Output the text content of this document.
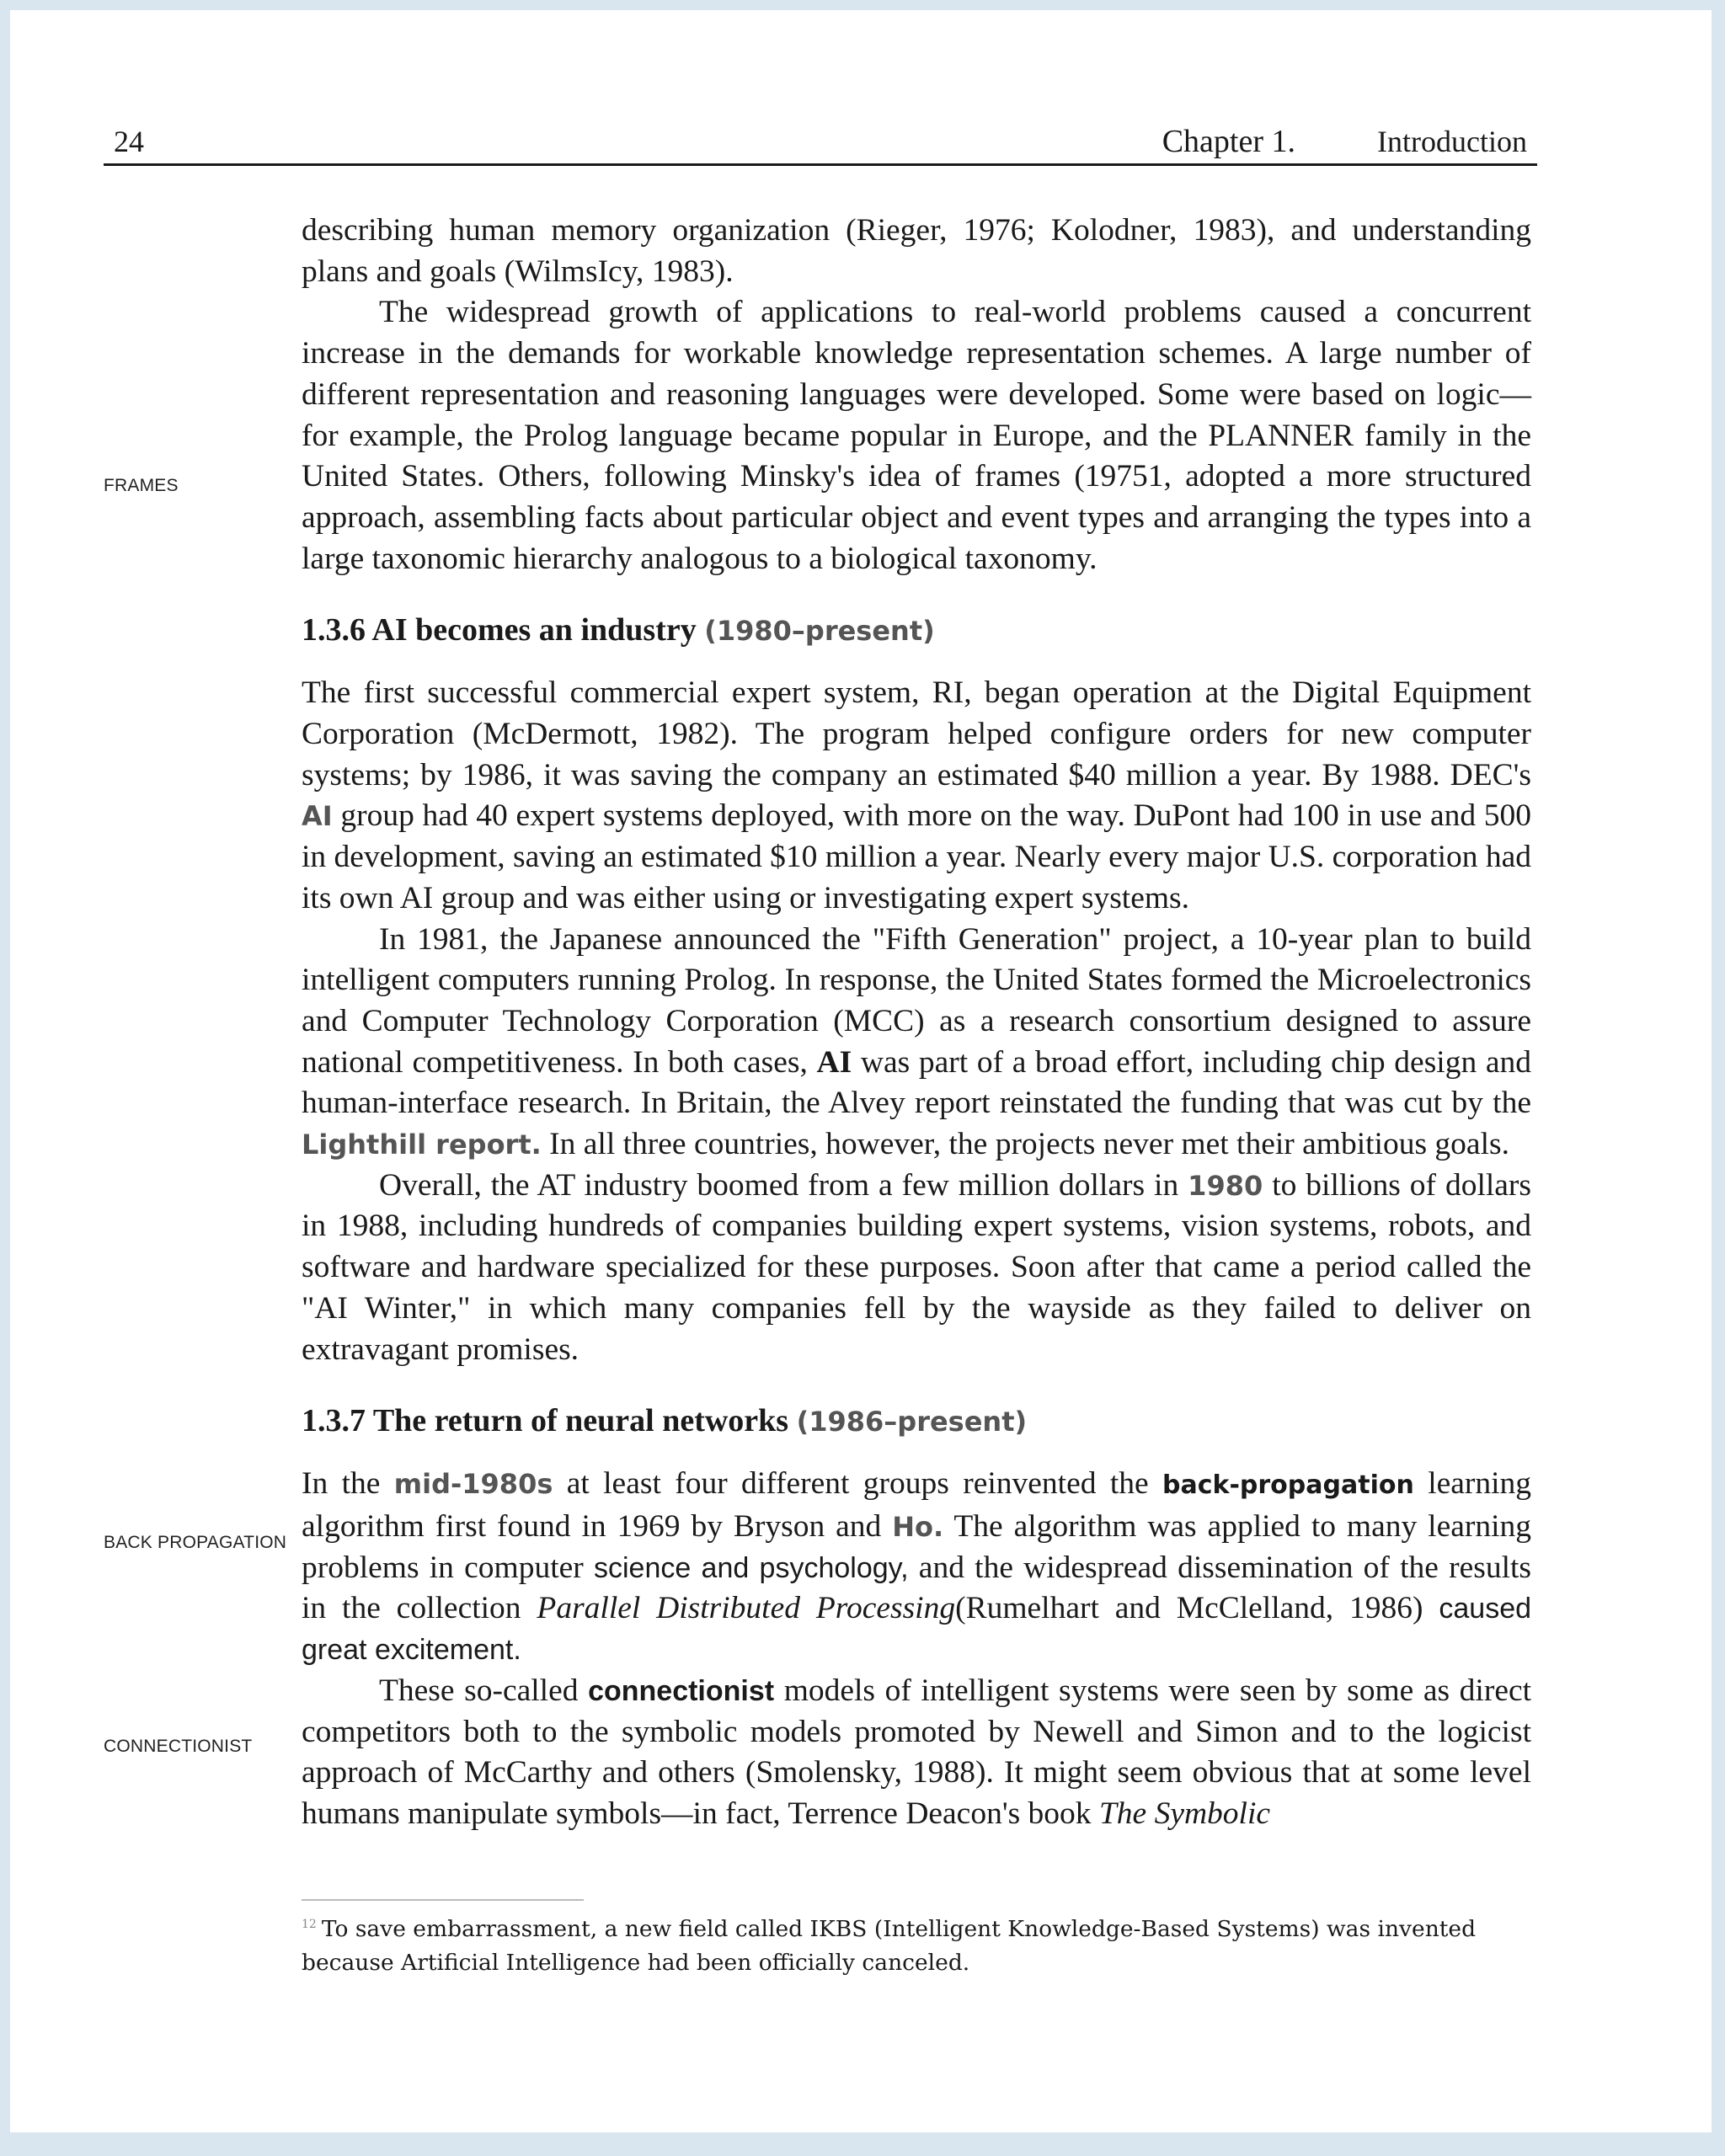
24	Chapter 1.	Introduction
FRAMES
BACK PROPAGATION
CONNECTIONIST

describing human memory organization (Rieger, 1976; Kolodner, 1983), and understanding plans and goals (WilmsIcy, 1983).

The widespread growth of applications to real-world problems caused a concurrent increase in the demands for workable knowledge representation schemes. A large number of different representation and reasoning languages were developed. Some were based on logic—for example, the Prolog language became popular in Europe, and the PLANNER family in the United States. Others, following Minsky's idea of frames (19751, adopted a more structured approach, assembling facts about particular object and event types and arranging the types into a large taxonomic hierarchy analogous to a biological taxonomy.

1.3.6 AI becomes an industry (1980–present)

The first successful commercial expert system, RI, began operation at the Digital Equipment Corporation (McDermott, 1982). The program helped configure orders for new computer systems; by 1986, it was saving the company an estimated $40 million a year. By 1988. DEC's AI group had 40 expert systems deployed, with more on the way. DuPont had 100 in use and 500 in development, saving an estimated $10 million a year. Nearly every major U.S. corporation had its own AI group and was either using or investigating expert systems.

In 1981, the Japanese announced the "Fifth Generation" project, a 10-year plan to build intelligent computers running Prolog. In response, the United States formed the Microelectronics and Computer Technology Corporation (MCC) as a research consortium designed to assure national competitiveness. In both cases, AI was part of a broad effort, including chip design and human-interface research. In Britain, the Alvey report reinstated the funding that was cut by the Lighthill report. In all three countries, however, the projects never met their ambitious goals.

Overall, the AT industry boomed from a few million dollars in 1980 to billions of dollars in 1988, including hundreds of companies building expert systems, vision systems, robots, and software and hardware specialized for these purposes. Soon after that came a period called the "AI Winter," in which many companies fell by the wayside as they failed to deliver on extravagant promises.

1.3.7 The return of neural networks (1986–present)

In the mid-1980s at least four different groups reinvented the back-propagation learning algorithm first found in 1969 by Bryson and Ho. The algorithm was applied to many learning problems in computer science and psychology, and the widespread dissemination of the results in the collection Parallel Distributed Processing(Rumelhart and McClelland, 1986) caused great excitement.

These so-called connectionist models of intelligent systems were seen by some as direct competitors both to the symbolic models promoted by Newell and Simon and to the logicist approach of McCarthy and others (Smolensky, 1988). It might seem obvious that at some level humans manipulate symbols—in fact, Terrence Deacon's book The Symbolic

$^{12}$ To save embarrassment, a new field called IKBS (Intelligent Knowledge-Based Systems) was invented because Artificial Intelligence had been officially canceled.
